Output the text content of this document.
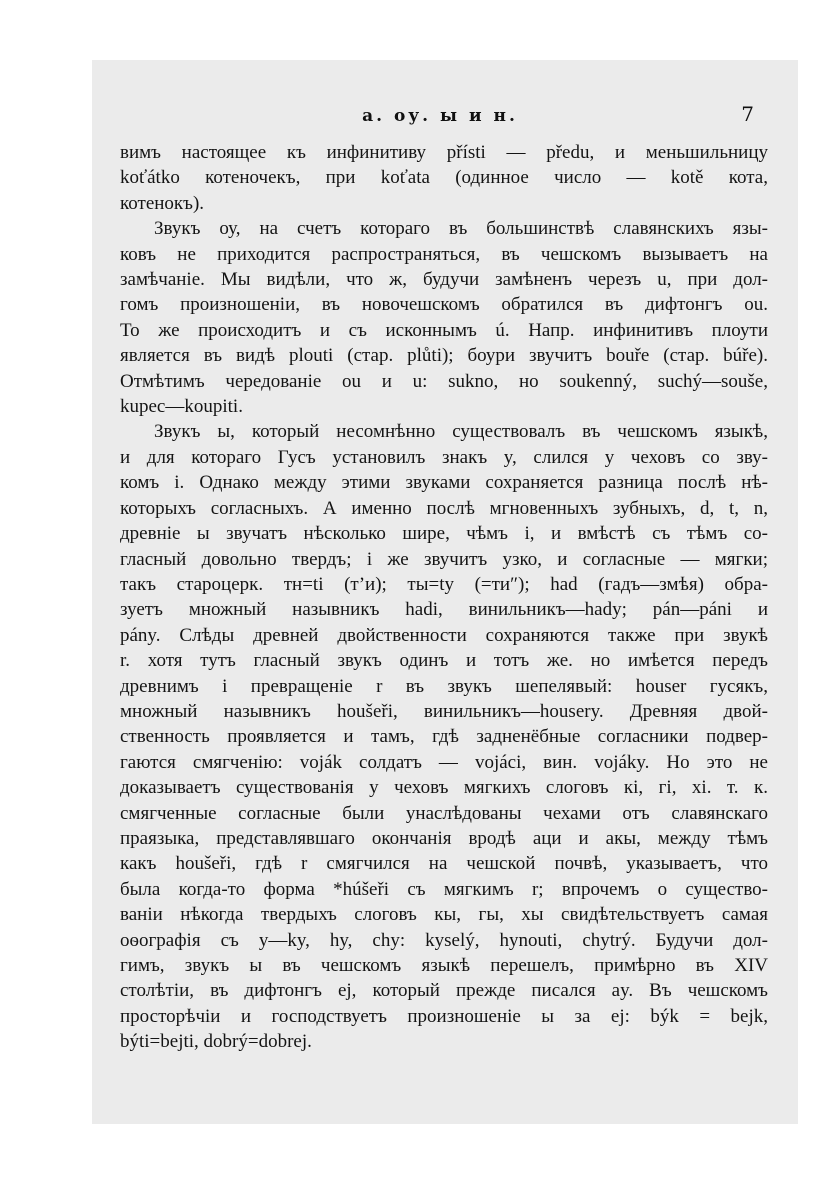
а. оу. ы и н.	7
вимъ настоящее къ инфинитиву přísti — předu, и меньшильницу
koťátko котеночекъ, при koťata (одинное число — kotě кота,
котенокъ).
Звукъ оу, на счетъ котораго въ большинствѣ славянскихъ язы-
ковъ не приходится распространяться, въ чешскомъ вызываетъ на
замѣчаніе. Мы видѣли, что ж, будучи замѣненъ черезъ u, при дол-
гомъ произношеніи, въ новочешскомъ обратился въ дифтонгъ ou.
То же происходитъ и съ исконнымъ ú. Напр. инфинитивъ плоути
является въ видѣ plouti (стар. plůti); боури звучитъ bouře (стар. búře).
Отмѣтимъ чередованіе ou и u: sukno, но soukenný, suchý—souše,
kupec—koupiti.
Звукъ ы, который несомнѣнно существовалъ въ чешскомъ языкѣ,
и для котораго Гусъ установилъ знакъ y, слился у чеховъ со зву-
комъ i. Однако между этими звуками сохраняется разница послѣ нѣ-
которыхъ согласныхъ. А именно послѣ мгновенныхъ зубныхъ, d, t, n,
древніе ы звучатъ нѣсколько шире, чѣмъ і, и вмѣстѣ съ тѣмъ со-
гласный довольно твердъ; і же звучитъ узко, и согласные — мягки;
такъ староцерк. тн=ti (т’и); ты=ty (=ти″); had (гадъ—змѣя) обра-
зуетъ множный назывникъ hadi, винильникъ—hady; pán—páni и
pány. Слѣды древней двойственности сохраняются также при звукѣ
r. хотя тутъ гласный звукъ одинъ и тотъ же. но имѣется передъ
древнимъ i превращеніе r въ звукъ шепелявый: houser гусякъ,
множный назывникъ houšeři, винильникъ—housery. Древняя двой-
ственность проявляется и тамъ, гдѣ задненёбные согласники подвер-
гаются смягченію: voják солдатъ — vojáci, вин. vojáky. Но это не
доказываетъ существованія у чеховъ мягкихъ слоговъ кі, гі, хі. т. к.
смягченные согласные были унаслѣдованы чехами отъ славянскаго
праязыка, представлявшаго окончанія вродѣ аци и акы, между тѣмъ
какъ houšeři, гдѣ r смягчился на чешской почвѣ, указываетъ, что
была когда-то форма *húšeři съ мягкимъ r; впрочемъ о существо-
ваніи нѣкогда твердыхъ слоговъ кы, гы, хы свидѣтельствуетъ самая
оѳографія съ y—ky, hy, chy: kyselý, hynouti, chytrý. Будучи дол-
гимъ, звукъ ы въ чешскомъ языкѣ перешелъ, примѣрно въ XIV
столѣтіи, въ дифтонгъ ej, который прежде писался ay. Въ чешскомъ
просторѣчіи и господствуетъ произношеніе ы за ej: býk = bejk,
býti=bejti, dobrý=dobrej.
